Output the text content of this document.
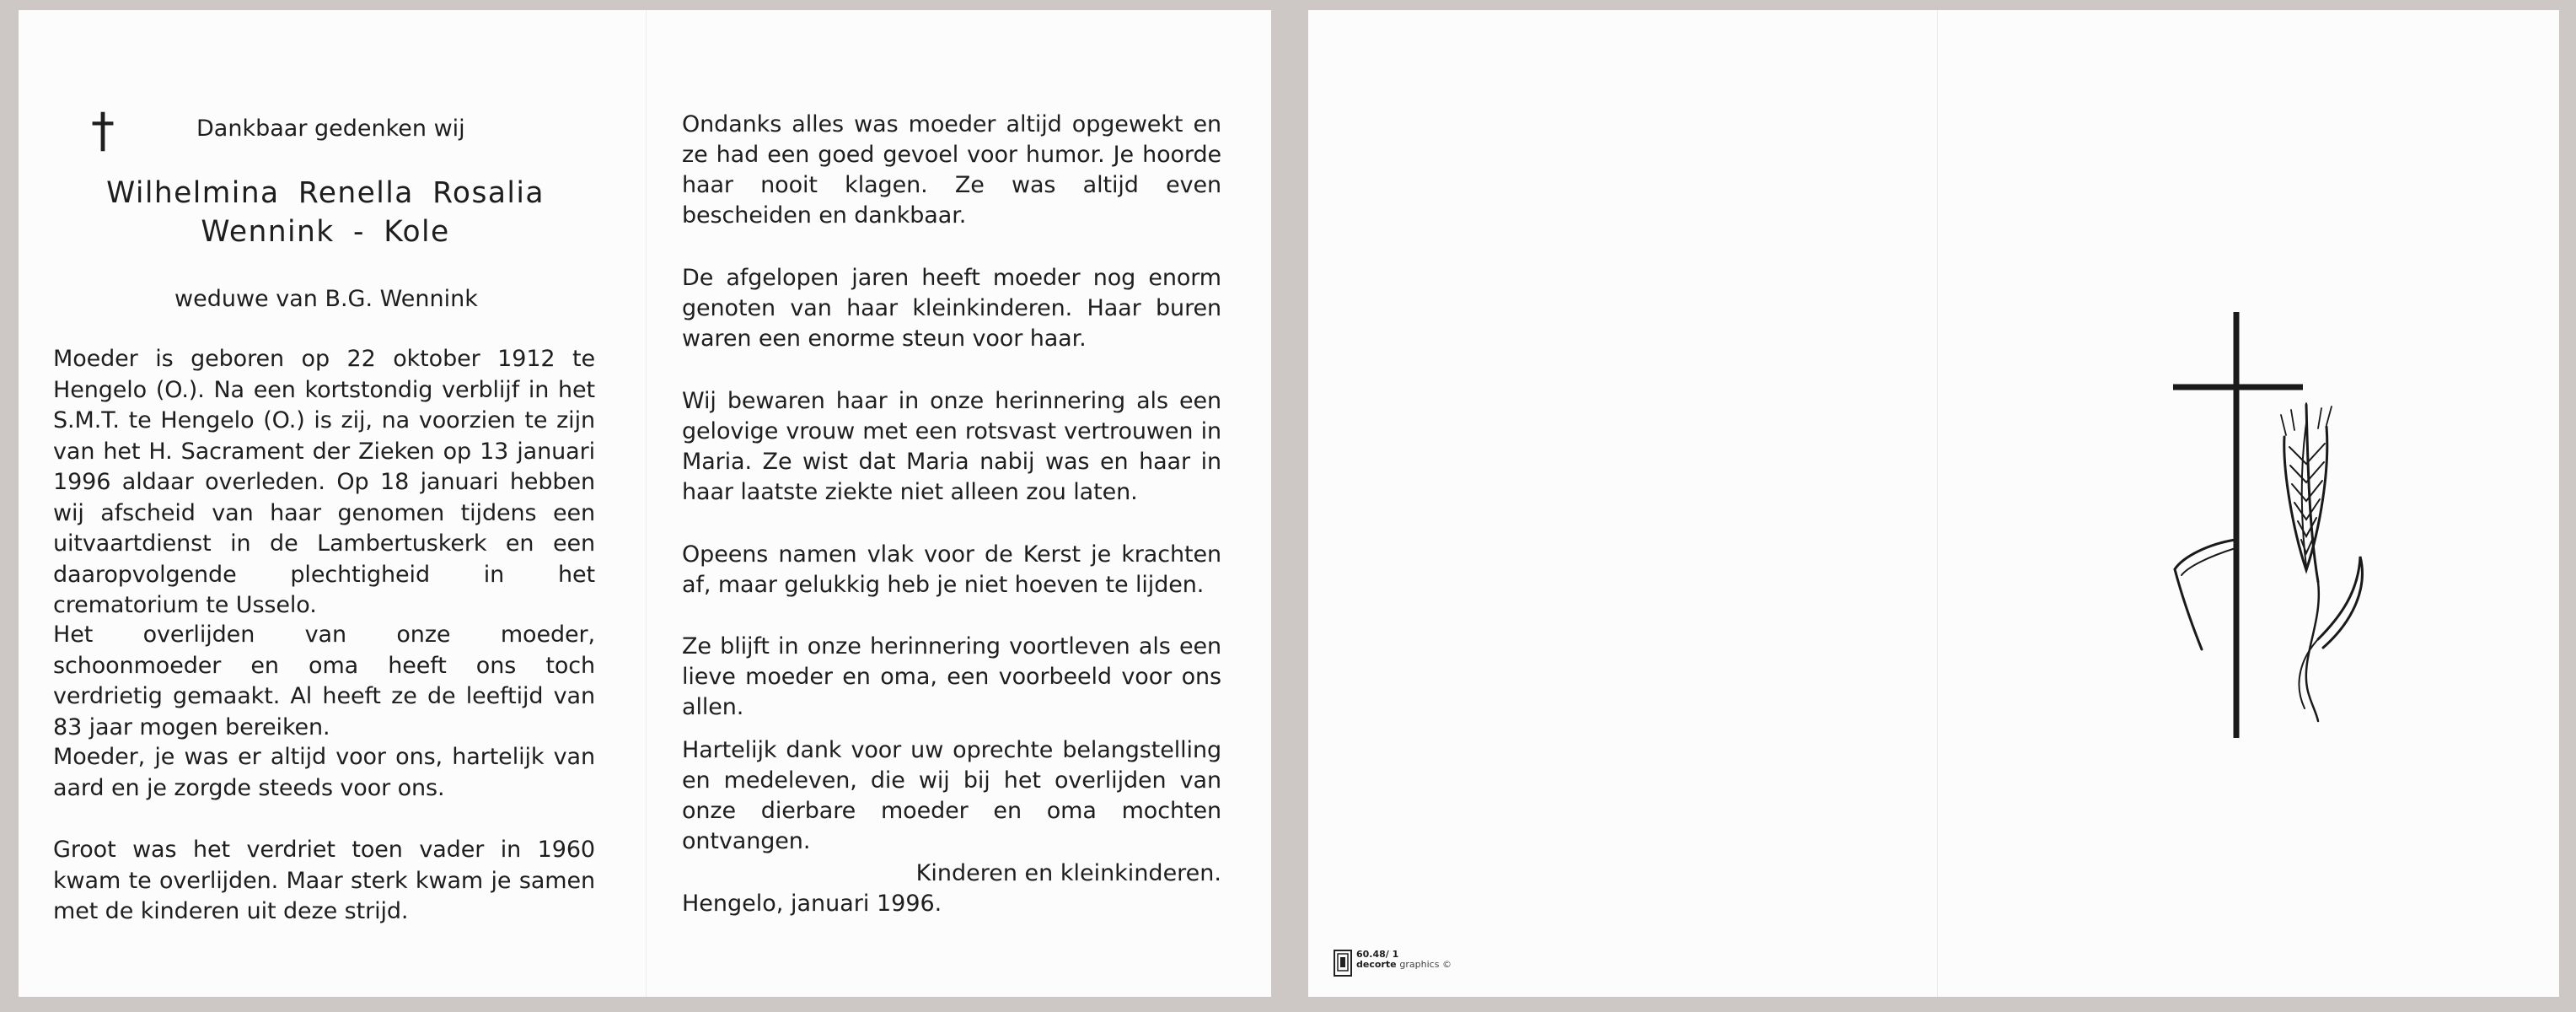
†	Dankbaar gedenken wij
Wilhelmina Renella Rosalia
Wennink - Kole
weduwe van B.G. Wennink

Moeder is geboren op 22 oktober 1912 te Hengelo (O.). Na een kortstondig verblijf in het S.M.T. te Hengelo (O.) is zij, na voorzien te zijn van het H. Sacrament der Zieken op 13 januari 1996 aldaar overleden. Op 18 januari hebben wij afscheid van haar genomen tijdens een uitvaartdienst in de Lambertuskerk en een daaropvolgende plechtigheid in het crematorium te Usselo.

Het overlijden van onze moeder, schoonmoeder en oma heeft ons toch verdrietig gemaakt. Al heeft ze de leeftijd van 83 jaar mogen bereiken.

Moeder, je was er altijd voor ons, hartelijk van aard en je zorgde steeds voor ons.

Groot was het verdriet toen vader in 1960 kwam te overlijden. Maar sterk kwam je samen met de kinderen uit deze strijd.

Ondanks alles was moeder altijd opgewekt en ze had een goed gevoel voor humor. Je hoorde haar nooit klagen. Ze was altijd even bescheiden en dankbaar.

De afgelopen jaren heeft moeder nog enorm genoten van haar kleinkinderen. Haar buren waren een enorme steun voor haar.

Wij bewaren haar in onze herinnering als een gelovige vrouw met een rotsvast vertrouwen in Maria. Ze wist dat Maria nabij was en haar in haar laatste ziekte niet alleen zou laten.

Opeens namen vlak voor de Kerst je krachten af, maar gelukkig heb je niet hoeven te lijden.

Ze blijft in onze herinnering voortleven als een lieve moeder en oma, een voorbeeld voor ons allen.

Hartelijk dank voor uw oprechte belangstelling en medeleven, die wij bij het overlijden van onze dierbare moeder en oma mochten ontvangen.

Kinderen en kleinkinderen.
Hengelo, januari 1996.
60.48/ 1
decorte graphics ©
